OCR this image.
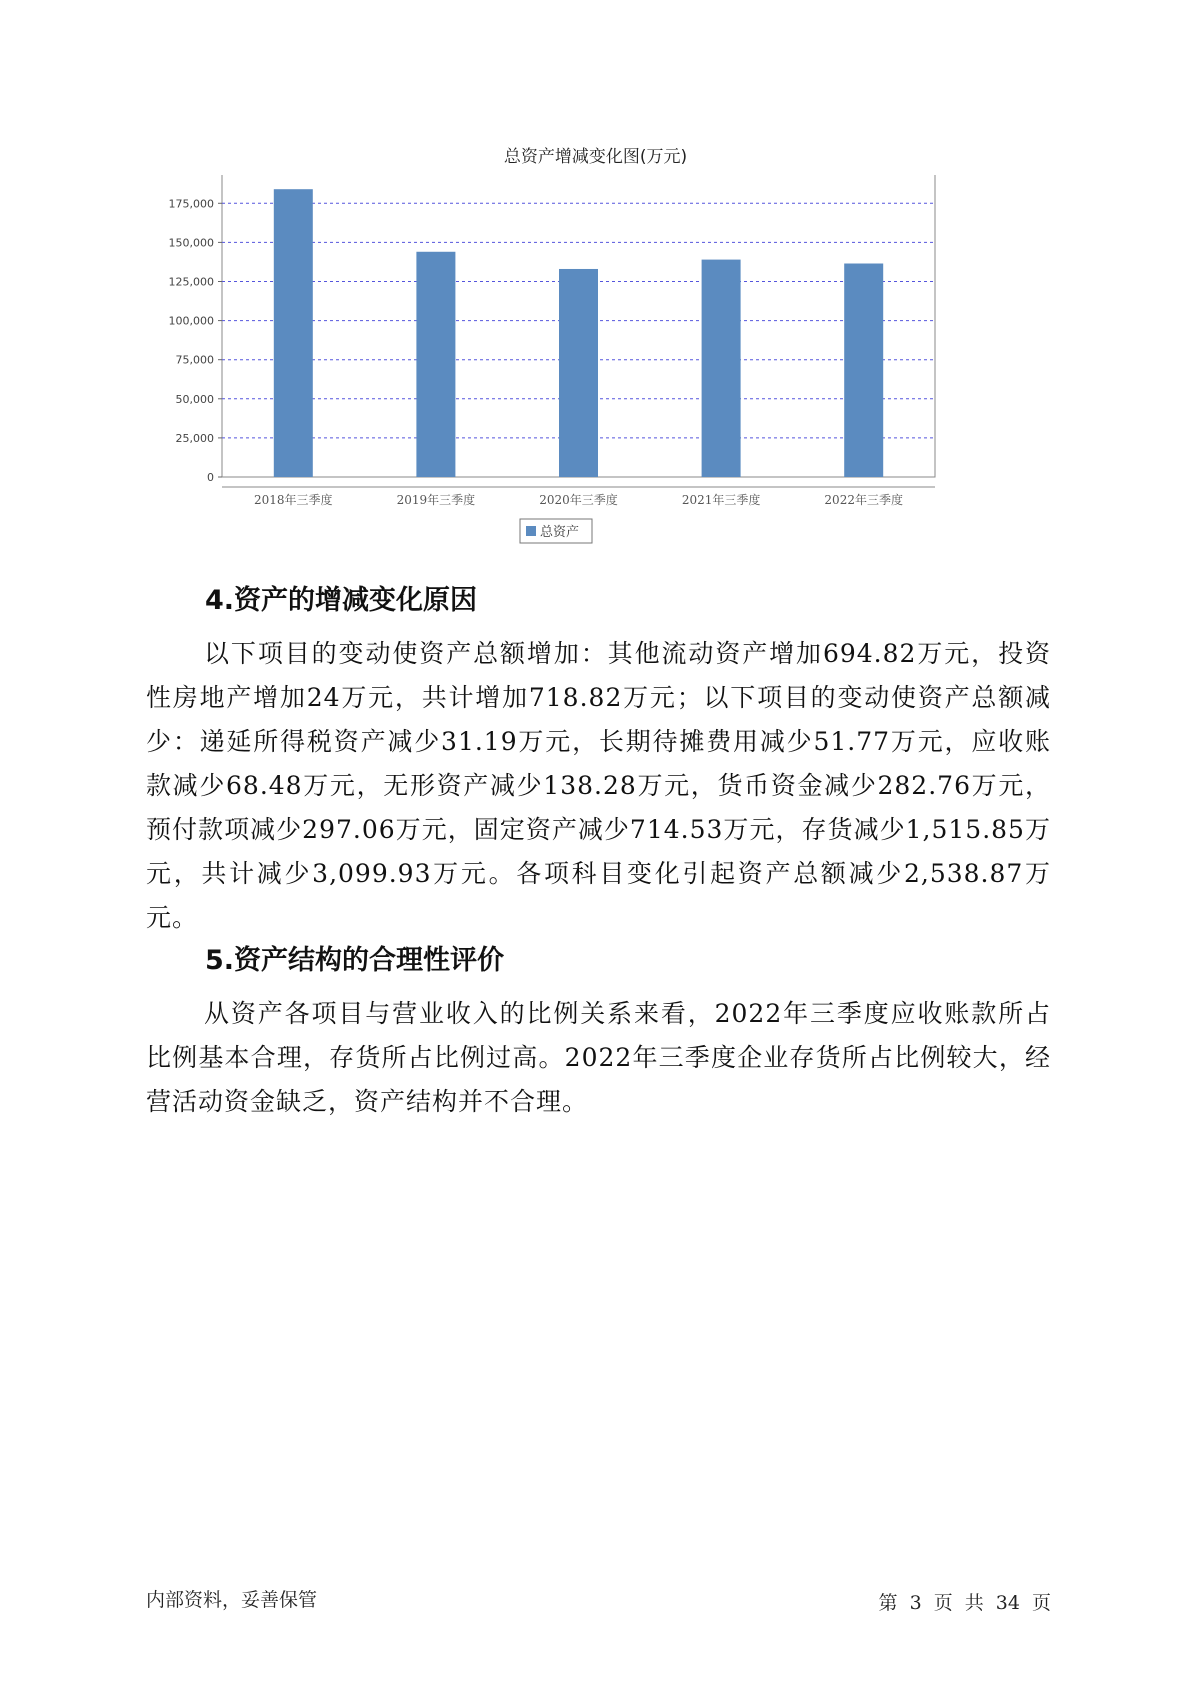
总资产增减变化图(万元)
0
25,000
50,000
75,000
100,000
125,000
150,000
175,000
2018年三季度	2019年三季度	2020年三季度	2021年三季度	2022年三季度
总资产
4.资产的增减变化原因

以下项目的变动使资产总额增加：其他流动资产增加694.82万元，投资性房地产增加24万元，共计增加718.82万元；以下项目的变动使资产总额减少：递延所得税资产减少31.19万元，长期待摊费用减少51.77万元，应收账款减少68.48万元，无形资产减少138.28万元，货币资金减少282.76万元，预付款项减少297.06万元，固定资产减少714.53万元，存货减少1,515.85万元，共计减少3,099.93万元。各项科目变化引起资产总额减少2,538.87万元。

5.资产结构的合理性评价

从资产各项目与营业收入的比例关系来看，2022年三季度应收账款所占比例基本合理，存货所占比例过高。2022年三季度企业存货所占比例较大，经营活动资金缺乏，资产结构并不合理。

内部资料，妥善保管	第 3 页 共 34 页
